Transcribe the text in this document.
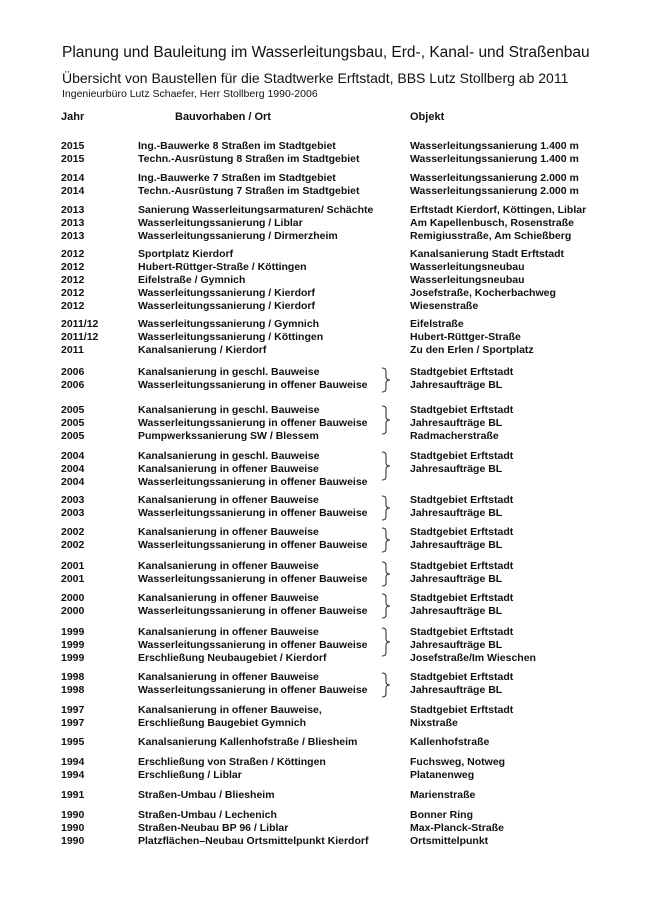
Planung und Bauleitung im Wasserleitungsbau, Erd-, Kanal- und Straßenbau
Übersicht von Baustellen für die Stadtwerke Erftstadt, BBS Lutz Stollberg ab 2011
Ingenieurbüro Lutz Schaefer, Herr Stollberg 1990-2006
Jahr	Bauvorhaben / Ort	Objekt
2015	Ing.-Bauwerke 8 Straßen im Stadtgebiet	Wasserleitungssanierung 1.400 m
2015	Techn.-Ausrüstung 8 Straßen im Stadtgebiet	Wasserleitungssanierung 1.400 m
2014	Ing.-Bauwerke 7 Straßen im Stadtgebiet	Wasserleitungssanierung 2.000 m
2014	Techn.-Ausrüstung 7 Straßen im Stadtgebiet	Wasserleitungssanierung 2.000 m
2013	Sanierung Wasserleitungsarmaturen/ Schächte	Erftstadt Kierdorf, Köttingen, Liblar
2013	Wasserleitungssanierung / Liblar	Am Kapellenbusch, Rosenstraße
2013	Wasserleitungssanierung / Dirmerzheim	Remigiusstraße, Am Schießberg
2012	Sportplatz Kierdorf	Kanalsanierung Stadt Erftstadt
2012	Hubert-Rüttger-Straße / Köttingen	Wasserleitungsneubau
2012	Eifelstraße / Gymnich	Wasserleitungsneubau
2012	Wasserleitungssanierung / Kierdorf	Josefstraße, Kocherbachweg
2012	Wasserleitungssanierung / Kierdorf	Wiesenstraße
2011/12	Wasserleitungssanierung / Gymnich	Eifelstraße
2011/12	Wasserleitungssanierung / Köttingen	Hubert-Rüttger-Straße
2011	Kanalsanierung / Kierdorf	Zu den Erlen / Sportplatz
2006	Kanalsanierung in geschl. Bauweise	Stadtgebiet Erftstadt
2006	Wasserleitungssanierung in offener Bauweise	Jahresaufträge BL
2005	Kanalsanierung in geschl. Bauweise	Stadtgebiet Erftstadt
2005	Wasserleitungssanierung in offener Bauweise	Jahresaufträge BL
2005	Pumpwerkssanierung SW / Blessem	Radmacherstraße
2004	Kanalsanierung in geschl. Bauweise	Stadtgebiet Erftstadt
2004	Kanalsanierung in offener Bauweise	Jahresaufträge BL
2004	Wasserleitungssanierung in offener Bauweise
2003	Kanalsanierung in offener Bauweise	Stadtgebiet Erftstadt
2003	Wasserleitungssanierung in offener Bauweise	Jahresaufträge BL
2002	Kanalsanierung in offener Bauweise	Stadtgebiet Erftstadt
2002	Wasserleitungssanierung in offener Bauweise	Jahresaufträge BL
2001	Kanalsanierung in offener Bauweise	Stadtgebiet Erftstadt
2001	Wasserleitungssanierung in offener Bauweise	Jahresaufträge BL
2000	Kanalsanierung in offener Bauweise	Stadtgebiet Erftstadt
2000	Wasserleitungssanierung in offener Bauweise	Jahresaufträge BL
1999	Kanalsanierung in offener Bauweise	Stadtgebiet Erftstadt
1999	Wasserleitungssanierung in offener Bauweise	Jahresaufträge BL
1999	Erschließung Neubaugebiet / Kierdorf	Josefstraße/Im Wieschen
1998	Kanalsanierung in offener Bauweise	Stadtgebiet Erftstadt
1998	Wasserleitungssanierung in offener Bauweise	Jahresaufträge BL
1997	Kanalsanierung in offener Bauweise,	Stadtgebiet Erftstadt
1997	Erschließung Baugebiet Gymnich	Nixstraße
1995	Kanalsanierung Kallenhofstraße / Bliesheim	Kallenhofstraße
1994	Erschließung von Straßen / Köttingen	Fuchsweg, Notweg
1994	Erschließung / Liblar	Platanenweg
1991	Straßen-Umbau / Bliesheim	Marienstraße
1990	Straßen-Umbau / Lechenich	Bonner Ring
1990	Straßen-Neubau BP 96 / Liblar	Max-Planck-Straße
1990	Platzflächen–Neubau Ortsmittelpunkt Kierdorf	Ortsmittelpunkt
